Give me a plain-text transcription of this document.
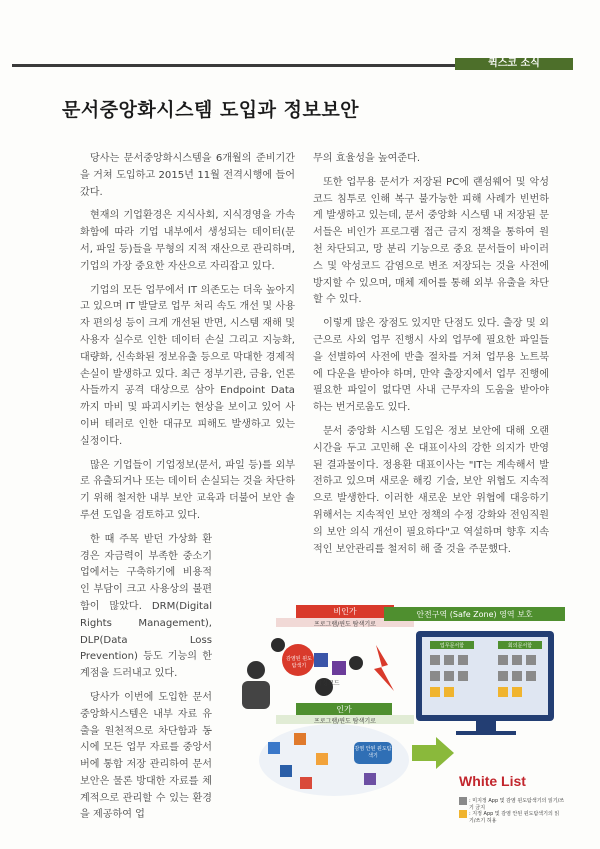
퀵스코 소식
문서중앙화시스템 도입과 정보보안

당사는 문서중앙화시스템을 6개월의 준비기간을 거쳐 도입하고 2015년 11월 전격시행에 들어갔다.

현재의 기업환경은 지식사회, 지식경영을 가속화함에 따라 기업 내부에서 생성되는 데이터(문서, 파일 등)들을 무형의 지적 재산으로 관리하며, 기업의 가장 중요한 자산으로 자리잡고 있다.

기업의 모든 업무에서 IT 의존도는 더욱 높아지고 있으며 IT 발달로 업무 처리 속도 개선 및 사용자 편의성 등이 크게 개선된 반면, 시스템 재해 및 사용자 실수로 인한 데이터 손실 그리고 지능화, 대량화, 신속화된 정보유출 등으로 막대한 경제적 손실이 발생하고 있다. 최근 정부기관, 금융, 언론사들까지 공격 대상으로 삼아 Endpoint Data 까지 마비 및 파괴시키는 현상을 보이고 있어 사이버 테러로 인한 대규모 피해도 발생하고 있는 실정이다.

많은 기업들이 기업정보(문서, 파일 등)를 외부로 유출되거나 또는 데이터 손실되는 것을 차단하기 위해 철저한 내부 보안 교육과 더불어 보안 솔루션 도입을 검토하고 있다.

한 때 주목 받던 가상화 환경은 자금력이 부족한 중소기업에서는 구축하기에 비용적인 부담이 크고 사용상의 불편함이 많았다. DRM(Digital Rights Management), DLP(Data Loss Prevention) 등도 기능의 한계점을 드러내고 있다.

당사가 이번에 도입한 문서중앙화시스템은 내부 자료 유출을 원천적으로 차단함과 동시에 모든 업무 자료를 중앙서버에 통합 저장 관리하여 문서 보안은 물론 방대한 자료를 체계적으로 관리할 수 있는 환경을 제공하여 업

무의 효율성을 높여준다.

또한 업무용 문서가 저장된 PC에 랜섬웨어 및 악성코드 침투로 인해 복구 불가능한 피해 사례가 빈번하게 발생하고 있는데, 문서 중앙화 시스템 내 저장된 문서들은 비인가 프로그램 접근 금지 정책을 통하여 원천 차단되고, 망 분리 기능으로 중요 문서들이 바이러스 및 악성코드 감염으로 변조 저장되는 것을 사전에 방지할 수 있으며, 매체 제어를 통해 외부 유출을 차단 할 수 있다.

이렇게 많은 장점도 있지만 단점도 있다. 출장 및 외근으로 사외 업무 진행시 사외 업무에 필요한 파일들을 선별하여 사전에 반출 절차를 거쳐 업무용 노트북에 다운을 받아야 하며, 만약 출장지에서 업무 진행에 필요한 파일이 없다면 사내 근무자의 도움을 받아야 하는 번거로움도 있다.

문서 중앙화 시스템 도입은 정보 보안에 대해 오랜 시간을 두고 고민해 온 대표이사의 강한 의지가 반영된 결과물이다. 정용환 대표이사는 "IT는 계속해서 발전하고 있으며 새로운 해킹 기술, 보안 위협도 지속적으로 발생한다. 이러한 새로운 보안 위협에 대응하기 위해서는 지속적인 보안 정책의 수정 강화와 전임직원의 보안 의식 개선이 필요하다"고 역설하며 향후 지속적인 보안관리를 철저히 해 줄 것을 주문했다.

비인가
프로그램/윈도 탐색기로
안전구역 (Safe Zone) 영역 보호
감염된 윈도탐색기
악성코드
인가
프로그램/윈도 탐색기로
감염 안된 윈도탐색기
업무문서함	회의문서함
White List
: 미지정 App 및 감염 윈도탐색기의 읽기/쓰기 금지
: 지정 App 및 감염 안된 윈도탐색기의 읽기/쓰기 허용
